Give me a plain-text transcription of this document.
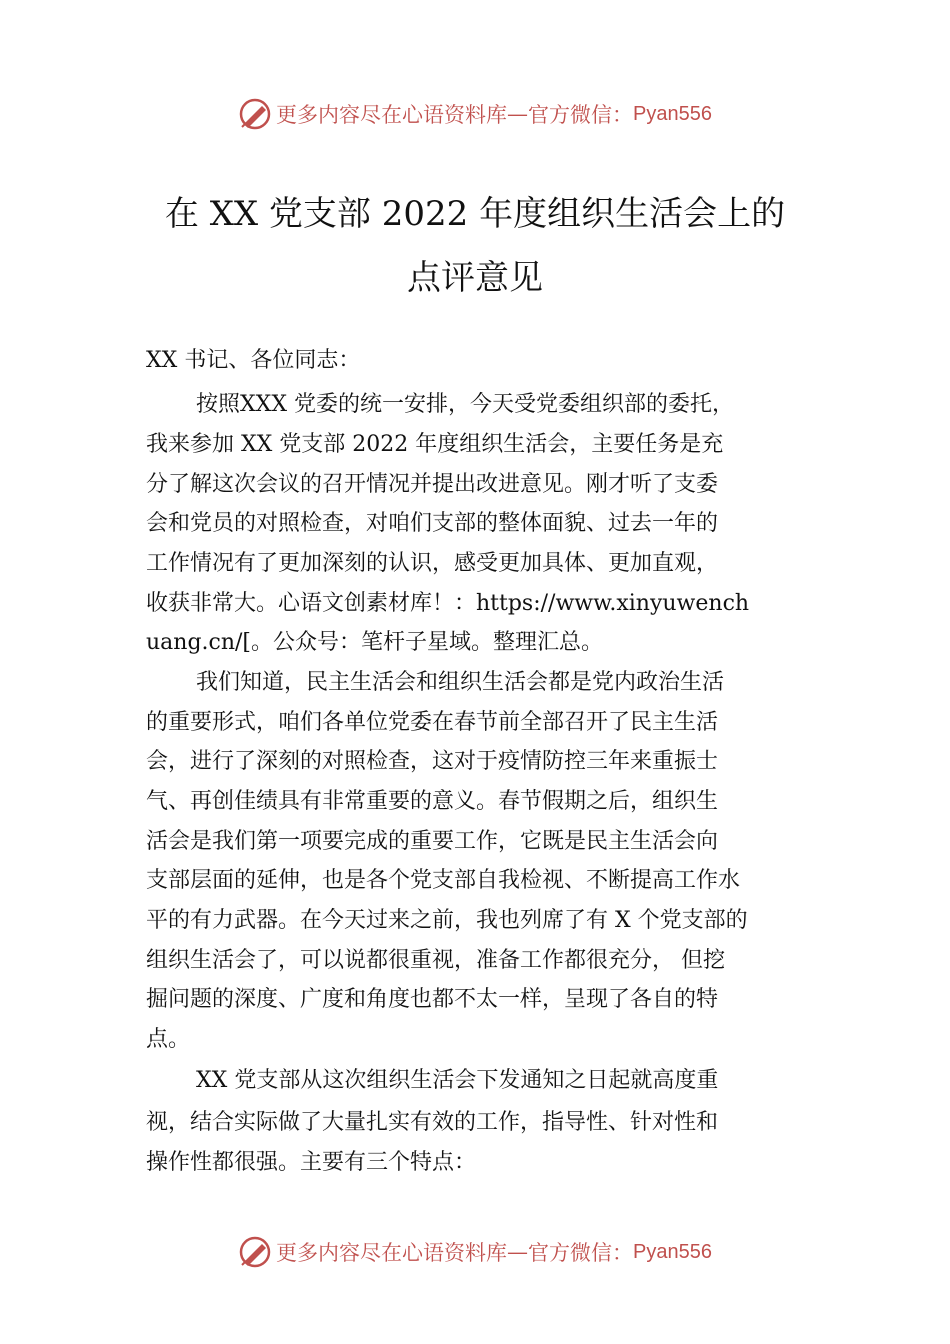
更多内容尽在心语资料库 — 官方微信： Pyan556
在 XX 党支部 2022 年度组织生活会上的
点评意见
XX 书记、各位同志：
按照XXX 党委的统一安排，今天受党委组织部的委托，
我来参加 XX 党支部 2022 年度组织生活会，主要任务是充
分了解这次会议的召开情况并提出改进意见。刚才听了支委
会和党员的对照检查，对咱们支部的整体面貌、过去一年的
工作情况有了更加深刻的认识，感受更加具体、更加直观，
收获非常大。心语文创素材库！：https://www.xinyuwench
uang.cn/[。公众号：笔杆子星域。整理汇总。
我们知道，民主生活会和组织生活会都是党内政治生活
的重要形式，咱们各单位党委在春节前全部召开了民主生活
会，进行了深刻的对照检查，这对于疫情防控三年来重振士
气、再创佳绩具有非常重要的意义。春节假期之后，组织生
活会是我们第一项要完成的重要工作，它既是民主生活会向
支部层面的延伸，也是各个党支部自我检视、不断提高工作水
平的有力武器。在今天过来之前，我也列席了有 X 个党支部的
组织生活会了，可以说都很重视，准备工作都很充分， 但挖
掘问题的深度、广度和角度也都不太一样，呈现了各自的特
点。
XX 党支部从这次组织生活会下发通知之日起就高度重
视，结合实际做了大量扎实有效的工作，指导性、针对性和
操作性都很强。主要有三个特点：
更多内容尽在心语资料库 — 官方微信： Pyan556
